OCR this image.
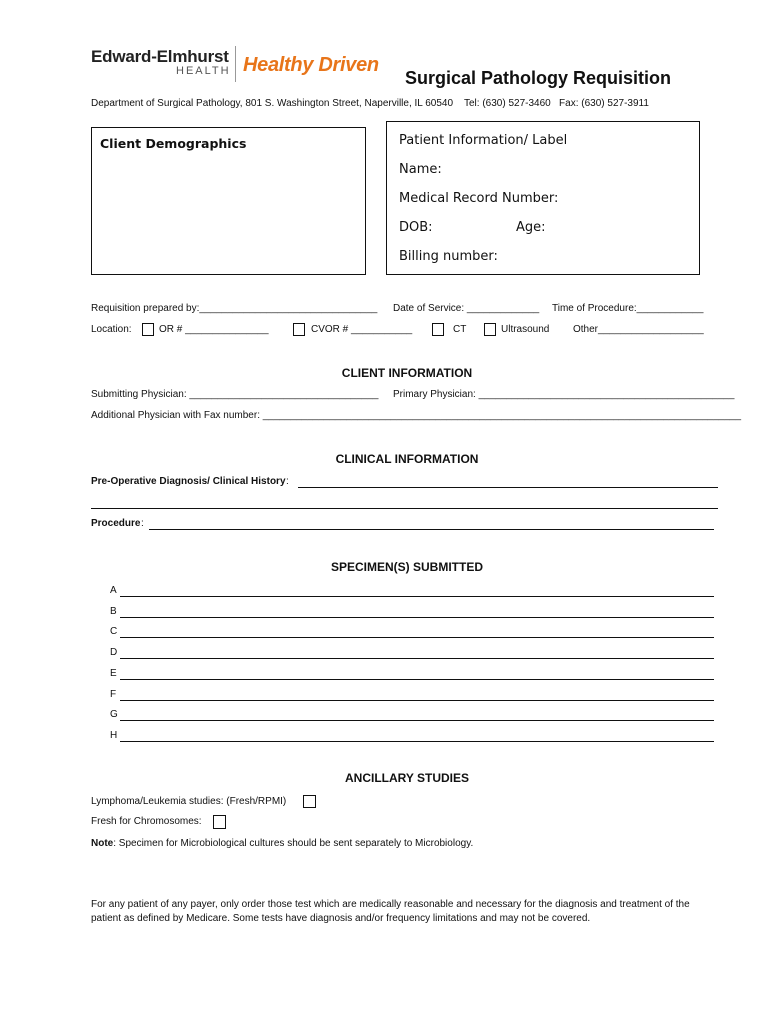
Edward-Elmhurst
HEALTH Healthy Driven
Surgical Pathology Requisition
Department of Surgical Pathology, 801 S. Washington Street, Naperville, IL 60540    Tel: (630) 527-3460   Fax: (630) 527-3911
Client Demographics	Patient Information/ Label
Name:
Medical Record Number:
DOB:	Age:
Billing number:
Requisition prepared by:________________________________ Date of Service: _____________ Time of Procedure:____________
Location:	OR # _______________	CVOR # ___________	CT	Ultrasound Other___________________
CLIENT INFORMATION
Submitting Physician: __________________________________ Primary Physician: ______________________________________________
Additional Physician with Fax number: ______________________________________________________________________________________
CLINICAL INFORMATION
Pre-Operative Diagnosis/ Clinical History :
Procedure :
SPECIMEN(S) SUBMITTED
A
B
C
D
E
F
G
H
ANCILLARY STUDIES
Lymphoma/Leukemia studies: (Fresh/RPMI)
Fresh for Chromosomes:
Note: Specimen for Microbiological cultures should be sent separately to Microbiology.
For any patient of any payer, only order those test which are medically reasonable and necessary for the diagnosis and treatment of the
patient as defined by Medicare. Some tests have diagnosis and/or frequency limitations and may not be covered.
